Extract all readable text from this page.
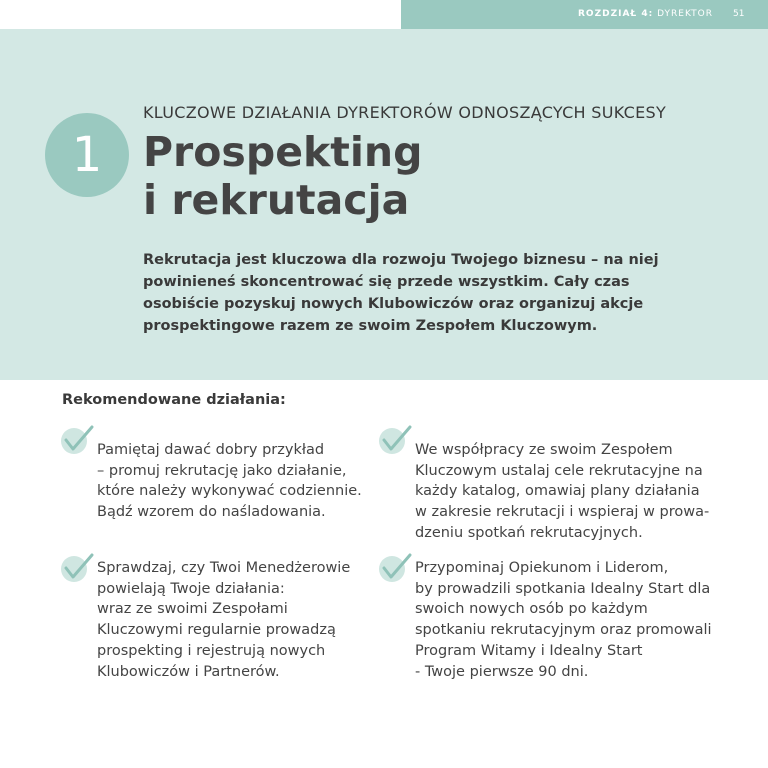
ROZDZIAŁ 4: DYREKTOR 51
1
KLUCZOWE DZIAŁANIA DYREKTORÓW ODNOSZĄCYCH SUKCESY
Prospekting
i rekrutacja
Rekrutacja jest kluczowa dla rozwoju Twojego biznesu – na niej powinieneś skoncentrować się przede wszystkim. Cały czas osobiście pozyskuj nowych Klubowiczów oraz organizuj akcje prospektingowe razem ze swoim Zespołem Kluczowym.
Rekomendowane działania:
Pamiętaj dawać dobry przykład
– promuj rekrutację jako działanie,
które należy wykonywać codziennie.
Bądź wzorem do naśladowania.
We współpracy ze swoim Zespołem
Kluczowym ustalaj cele rekrutacyjne na
każdy katalog, omawiaj plany działania
w zakresie rekrutacji i wspieraj w prowa-
dzeniu spotkań rekrutacyjnych.
Sprawdzaj, czy Twoi Menedżerowie
powielają Twoje działania:
wraz ze swoimi Zespołami
Kluczowymi regularnie prowadzą
prospekting i rejestrują nowych
Klubowiczów i Partnerów.
Przypominaj Opiekunom i Liderom,
by prowadzili spotkania Idealny Start dla
swoich nowych osób po każdym
spotkaniu rekrutacyjnym oraz promowali
Program Witamy i Idealny Start
- Twoje pierwsze 90 dni.
